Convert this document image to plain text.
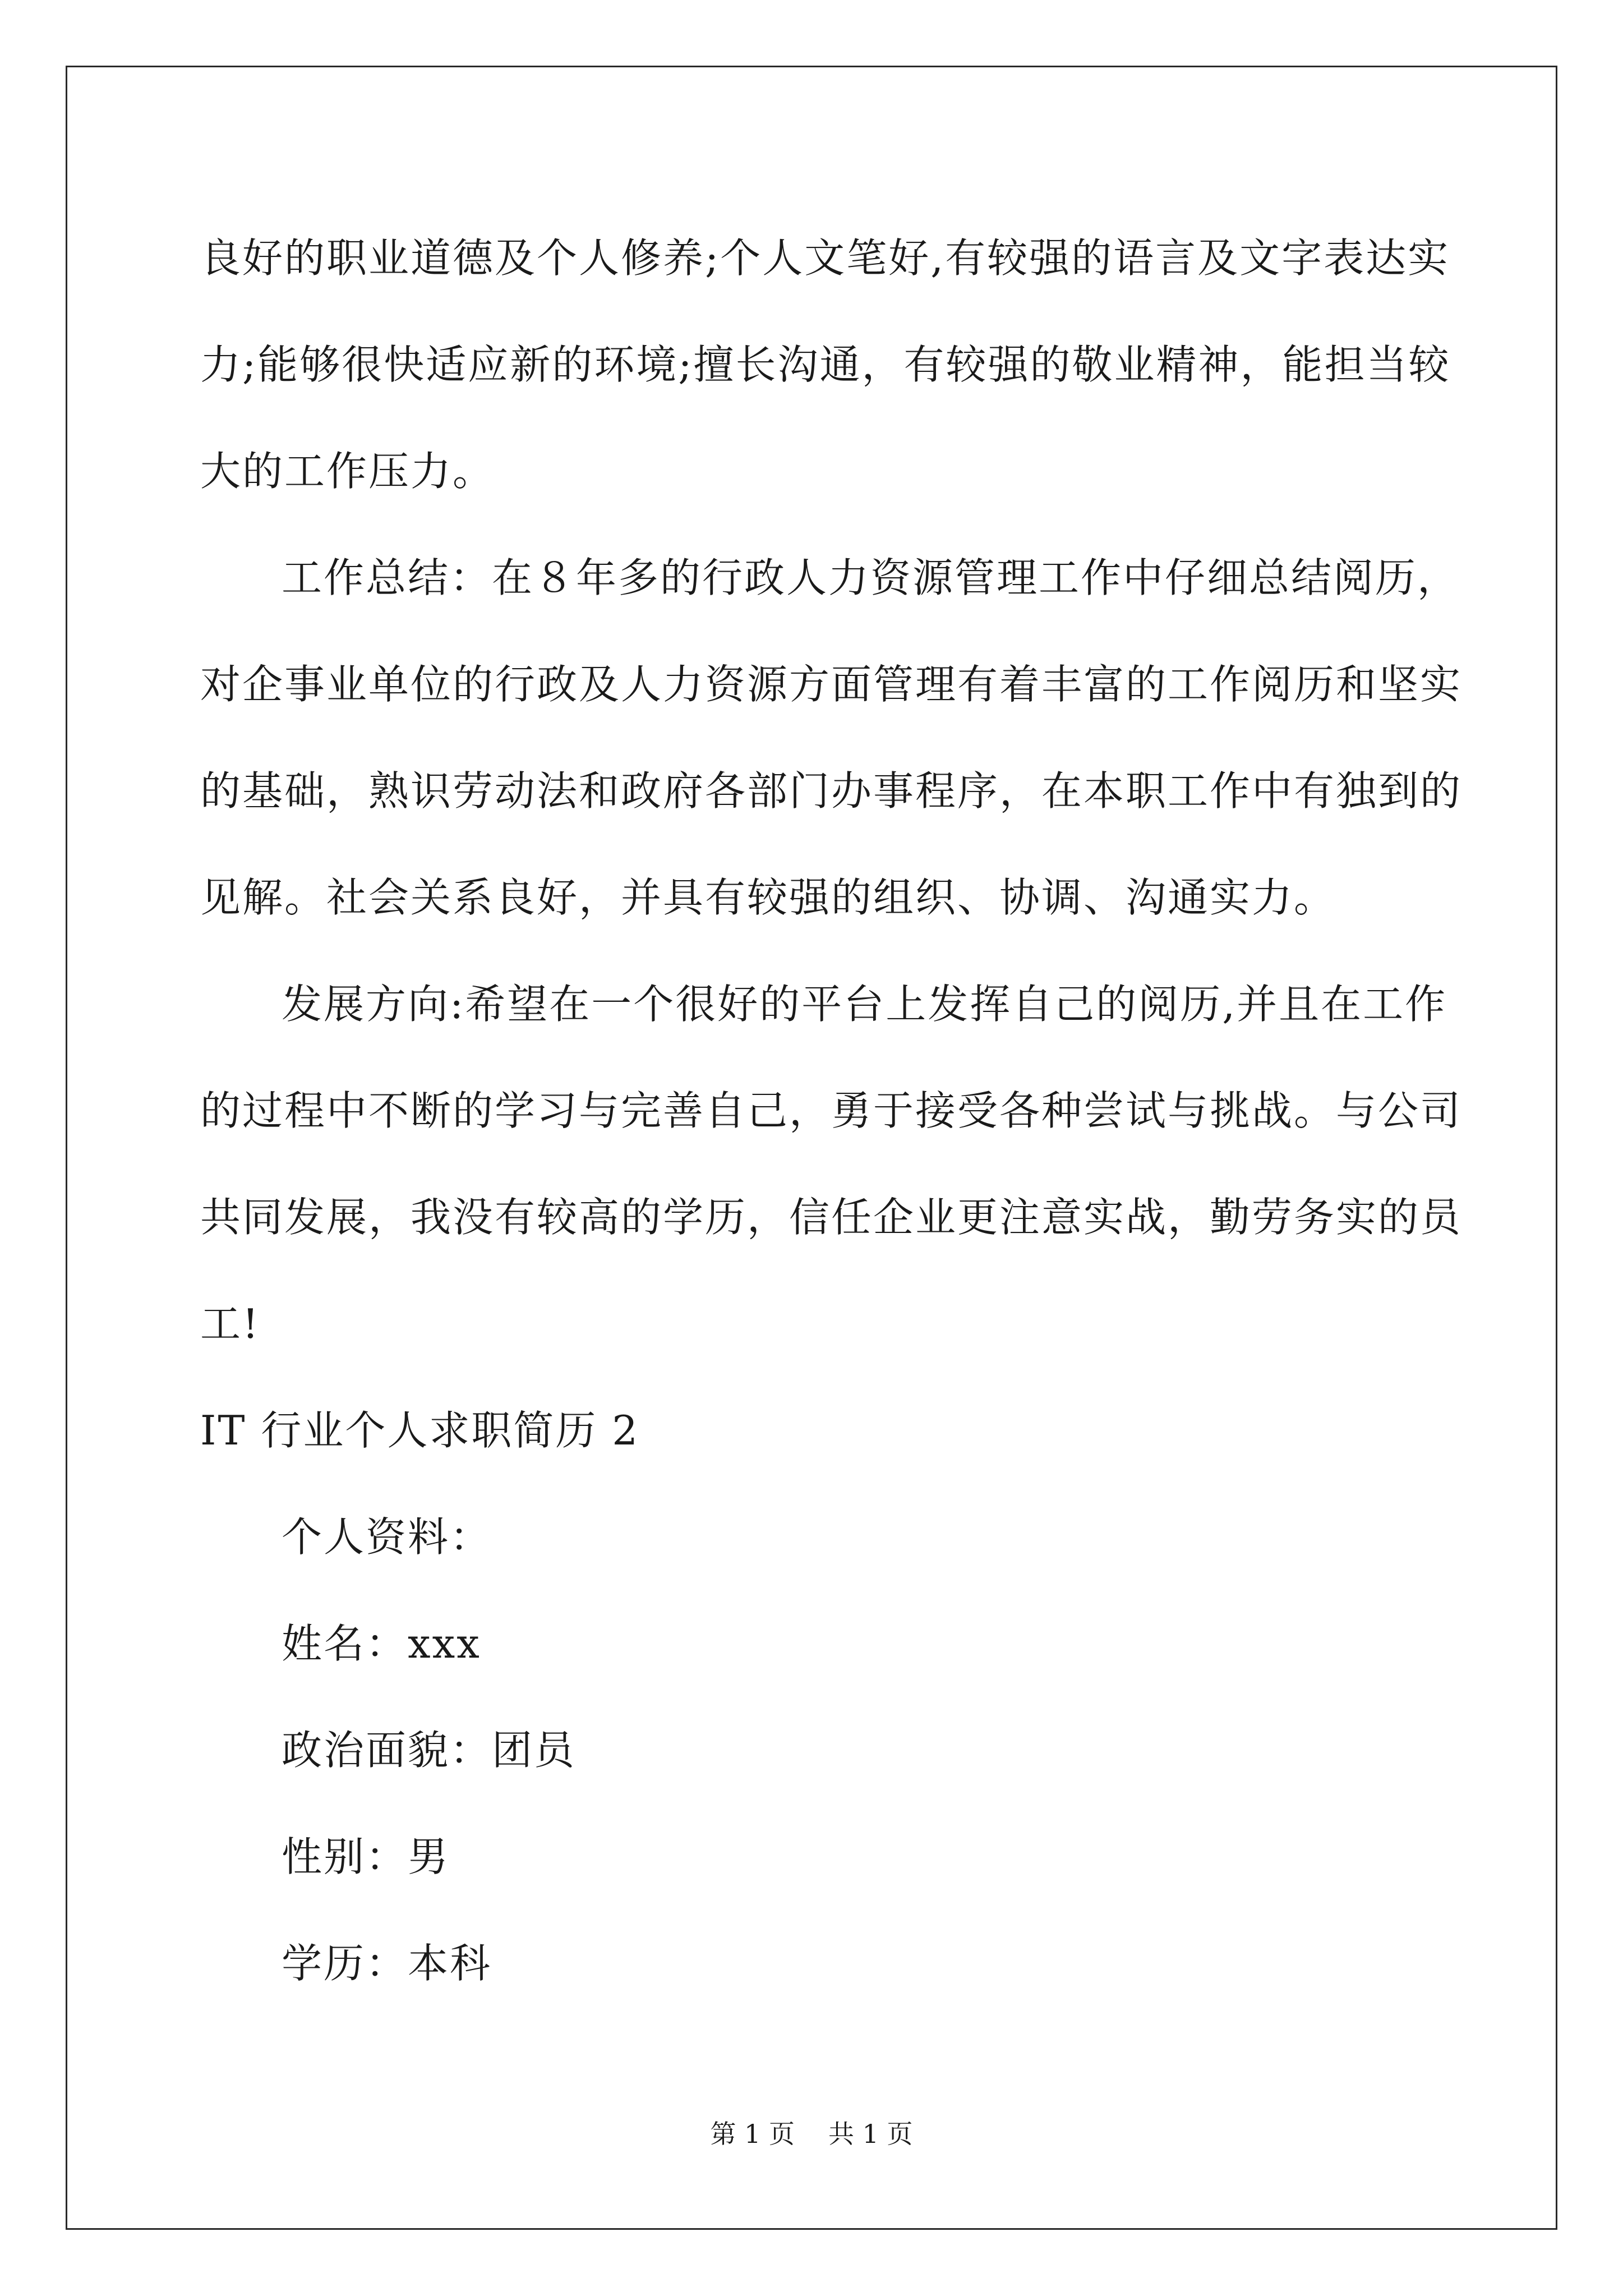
良好的职业道德及个人修养;个人文笔好,有较强的语言及文字表达实
力;能够很快适应新的环境;擅长沟通，有较强的敬业精神，能担当较
大的工作压力。
工作总结：在８年多的行政人力资源管理工作中仔细总结阅历，
对企事业单位的行政及人力资源方面管理有着丰富的工作阅历和坚实
的基础，熟识劳动法和政府各部门办事程序，在本职工作中有独到的
见解。社会关系良好，并具有较强的组织、协调、沟通实力。
发展方向:希望在一个很好的平台上发挥自己的阅历,并且在工作
的过程中不断的学习与完善自己，勇于接受各种尝试与挑战。与公司
共同发展，我没有较高的学历，信任企业更注意实战，勤劳务实的员
工!
IT 行业个人求职简历 2
个人资料：
姓名：xxx
政治面貌：团员
性别：男
学历：本科
第 1 页 共 1 页
